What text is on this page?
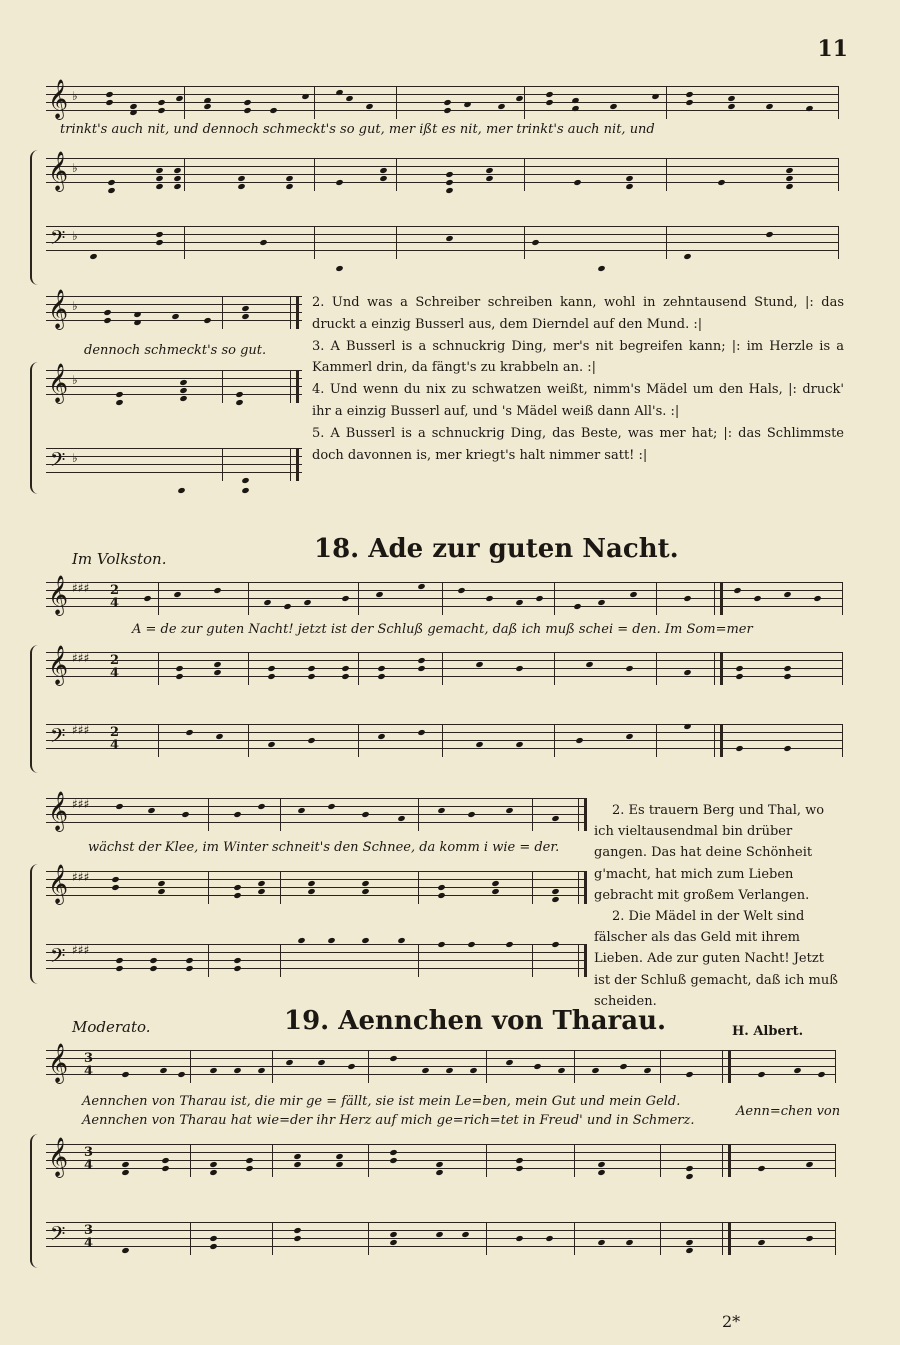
11
𝄞 ♭
trinkt's auch nit, und dennoch schmeckt's so gut, mer ißt es nit, mer trinkt's auch nit, und
𝄞 ♭
𝄢 ♭
𝄞 ♭
dennoch schmeckt's so gut.
𝄞 ♭
𝄢 ♭

2. Und was a Schreiber schreiben kann, wohl in zehntausend Stund, |: das druckt a einzig Busserl aus, dem Dierndel auf den Mund. :|

3. A Busserl is a schnuckrig Ding, mer's nit begreifen kann; |: im Herzle is a Kammerl drin, da fängt's zu krabbeln an. :|

4. Und wenn du nix zu schwatzen weißt, nimm's Mädel um den Hals, |: druck' ihr a einzig Busserl auf, und 's Mädel weiß dann All's. :|

5. A Busserl is a schnuckrig Ding, das Beste, was mer hat; |: das Schlimmste doch davonnen is, mer kriegt's halt nimmer satt! :|

Im Volkston.	18. Ade zur guten Nacht.
𝄞 ♯♯♯ 2
4
A = de zur guten Nacht! jetzt ist der Schluß gemacht, daß ich muß schei = den. Im Som=mer
𝄞 ♯♯♯ 2
4
𝄢 ♯♯♯ 2
4
𝄞 ♯♯♯
wächst der Klee, im Winter schneit's den Schnee, da komm i wie = der.
𝄞 ♯♯♯
𝄢 ♯♯♯

2. Es trauern Berg und Thal, wo ich vieltausendmal bin drüber gangen. Das hat deine Schönheit g'macht, hat mich zum Lieben gebracht mit großem Verlangen.

2. Die Mädel in der Welt sind fälscher als das Geld mit ihrem Lieben. Ade zur guten Nacht! Jetzt ist der Schluß gemacht, daß ich muß scheiden.

Moderato.	19. Aennchen von Tharau.	H. Albert.
𝄞 3
4
Aennchen von Tharau ist, die mir ge = fällt, sie ist mein Le=ben, mein Gut und mein Geld.
Aennchen von Tharau hat wie=der ihr Herz auf mich ge=rich=tet in Freud' und in Schmerz.
Aenn=chen von
𝄞 3
4
𝄢 3
4
2*
